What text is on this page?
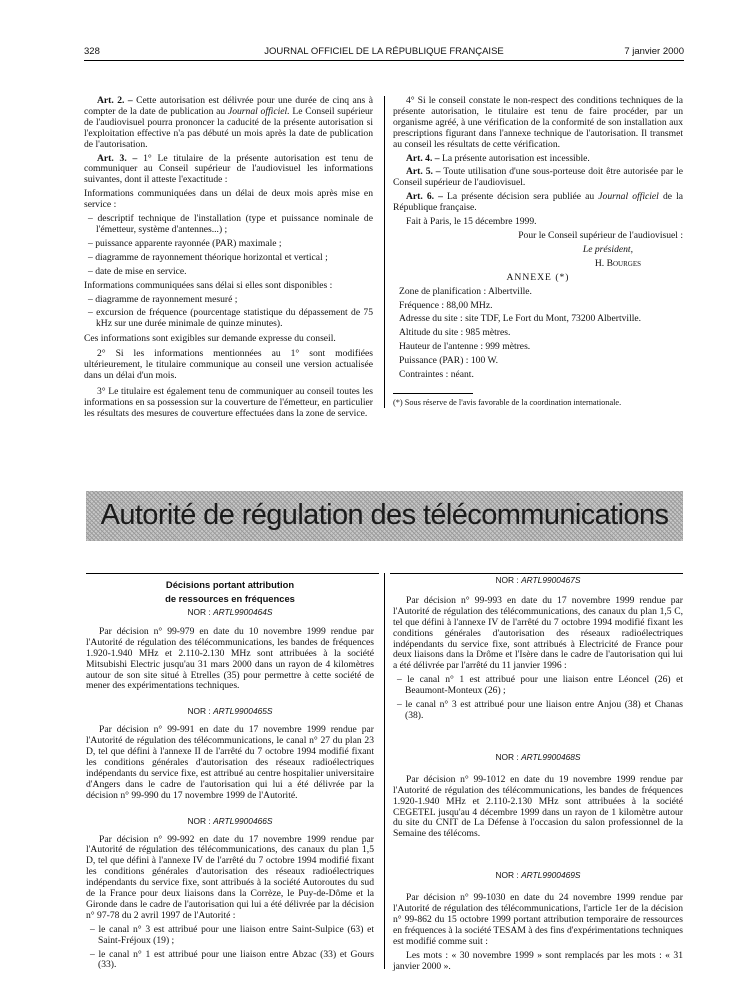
328	JOURNAL OFFICIEL DE LA RÉPUBLIQUE FRANÇAISE	7 janvier 2000

Art. 2. – Cette autorisation est délivrée pour une durée de cinq ans à compter de la date de publication au Journal officiel. Le Conseil supérieur de l'audiovisuel pourra prononcer la caducité de la présente autorisation si l'exploitation effective n'a pas débuté un mois après la date de publication de l'autorisation.

Art. 3. – 1° Le titulaire de la présente autorisation est tenu de communiquer au Conseil supérieur de l'audiovisuel les informations suivantes, dont il atteste l'exactitude :

Informations communiquées dans un délai de deux mois après mise en service :

– descriptif technique de l'installation (type et puissance nominale de l'émetteur, système d'antennes...) ;

– puissance apparente rayonnée (PAR) maximale ;

– diagramme de rayonnement théorique horizontal et vertical ;

– date de mise en service.

Informations communiquées sans délai si elles sont disponibles :

– diagramme de rayonnement mesuré ;

– excursion de fréquence (pourcentage statistique du dépassement de 75 kHz sur une durée minimale de quinze minutes).

Ces informations sont exigibles sur demande expresse du conseil.

2° Si les informations mentionnées au 1° sont modifiées ultérieurement, le titulaire communique au conseil une version actualisée dans un délai d'un mois.

3° Le titulaire est également tenu de communiquer au conseil toutes les informations en sa possession sur la couverture de l'émetteur, en particulier les résultats des mesures de couverture effectuées dans la zone de service.

4° Si le conseil constate le non-respect des conditions techniques de la présente autorisation, le titulaire est tenu de faire procéder, par un organisme agréé, à une vérification de la conformité de son installation aux prescriptions figurant dans l'annexe technique de l'autorisation. Il transmet au conseil les résultats de cette vérification.

Art. 4. – La présente autorisation est incessible.

Art. 5. – Toute utilisation d'une sous-porteuse doit être autorisée par le Conseil supérieur de l'audiovisuel.

Art. 6. – La présente décision sera publiée au Journal officiel de la République française.

Fait à Paris, le 15 décembre 1999.

Pour le Conseil supérieur de l'audiovisuel :

Le président,

H. Bourges

ANNEXE (*)

Zone de planification : Albertville.

Fréquence : 88,00 MHz.

Adresse du site : site TDF, Le Fort du Mont, 73200 Albertville.

Altitude du site : 985 mètres.

Hauteur de l'antenne : 999 mètres.

Puissance (PAR) : 100 W.

Contraintes : néant.

(*) Sous réserve de l'avis favorable de la coordination internationale.

Autorité de régulation des télécommunications

Décisions portant attribution

de ressources en fréquences

NOR : ARTL9900464S

Par décision n° 99-979 en date du 10 novembre 1999 rendue par l'Autorité de régulation des télécommunications, les bandes de fréquences 1.920-1.940 MHz et 2.110-2.130 MHz sont attribuées à la société Mitsubishi Electric jusqu'au 31 mars 2000 dans un rayon de 4 kilomètres autour de son site situé à Etrelles (35) pour permettre à cette société de mener des expérimentations techniques.

NOR : ARTL9900465S

Par décision n° 99-991 en date du 17 novembre 1999 rendue par l'Autorité de régulation des télécommunications, le canal n° 27 du plan 23 D, tel que défini à l'annexe II de l'arrêté du 7 octobre 1994 modifié fixant les conditions générales d'autorisation des réseaux radioélectriques indépendants du service fixe, est attribué au centre hospitalier universitaire d'Angers dans le cadre de l'autorisation qui lui a été délivrée par la décision n° 99-990 du 17 novembre 1999 de l'Autorité.

NOR : ARTL9900466S

Par décision n° 99-992 en date du 17 novembre 1999 rendue par l'Autorité de régulation des télécommunications, des canaux du plan 1,5 D, tel que défini à l'annexe IV de l'arrêté du 7 octobre 1994 modifié fixant les conditions générales d'autorisation des réseaux radioélectriques indépendants du service fixe, sont attribués à la société Autoroutes du sud de la France pour deux liaisons dans la Corrèze, le Puy-de-Dôme et la Gironde dans le cadre de l'autorisation qui lui a été délivrée par la décision n° 97-78 du 2 avril 1997 de l'Autorité :

– le canal n° 3 est attribué pour une liaison entre Saint-Sulpice (63) et Saint-Fréjoux (19) ;

– le canal n° 1 est attribué pour une liaison entre Abzac (33) et Gours (33).

NOR : ARTL9900467S

Par décision n° 99-993 en date du 17 novembre 1999 rendue par l'Autorité de régulation des télécommunications, des canaux du plan 1,5 C, tel que défini à l'annexe IV de l'arrêté du 7 octobre 1994 modifié fixant les conditions générales d'autorisation des réseaux radioélectriques indépendants du service fixe, sont attribués à Electricité de France pour deux liaisons dans la Drôme et l'Isère dans le cadre de l'autorisation qui lui a été délivrée par l'arrêté du 11 janvier 1996 :

– le canal n° 1 est attribué pour une liaison entre Léoncel (26) et Beaumont-Monteux (26) ;

– le canal n° 3 est attribué pour une liaison entre Anjou (38) et Chanas (38).

NOR : ARTL9900468S

Par décision n° 99-1012 en date du 19 novembre 1999 rendue par l'Autorité de régulation des télécommunications, les bandes de fréquences 1.920-1.940 MHz et 2.110-2.130 MHz sont attribuées à la société CEGETEL jusqu'au 4 décembre 1999 dans un rayon de 1 kilomètre autour du site du CNIT de La Défense à l'occasion du salon professionnel de la Semaine des télécoms.

NOR : ARTL9900469S

Par décision n° 99-1030 en date du 24 novembre 1999 rendue par l'Autorité de régulation des télécommunications, l'article 1er de la décision n° 99-862 du 15 octobre 1999 portant attribution temporaire de ressources en fréquences à la société TESAM à des fins d'expérimentations techniques est modifié comme suit :

Les mots : « 30 novembre 1999 » sont remplacés par les mots : « 31 janvier 2000 ».
